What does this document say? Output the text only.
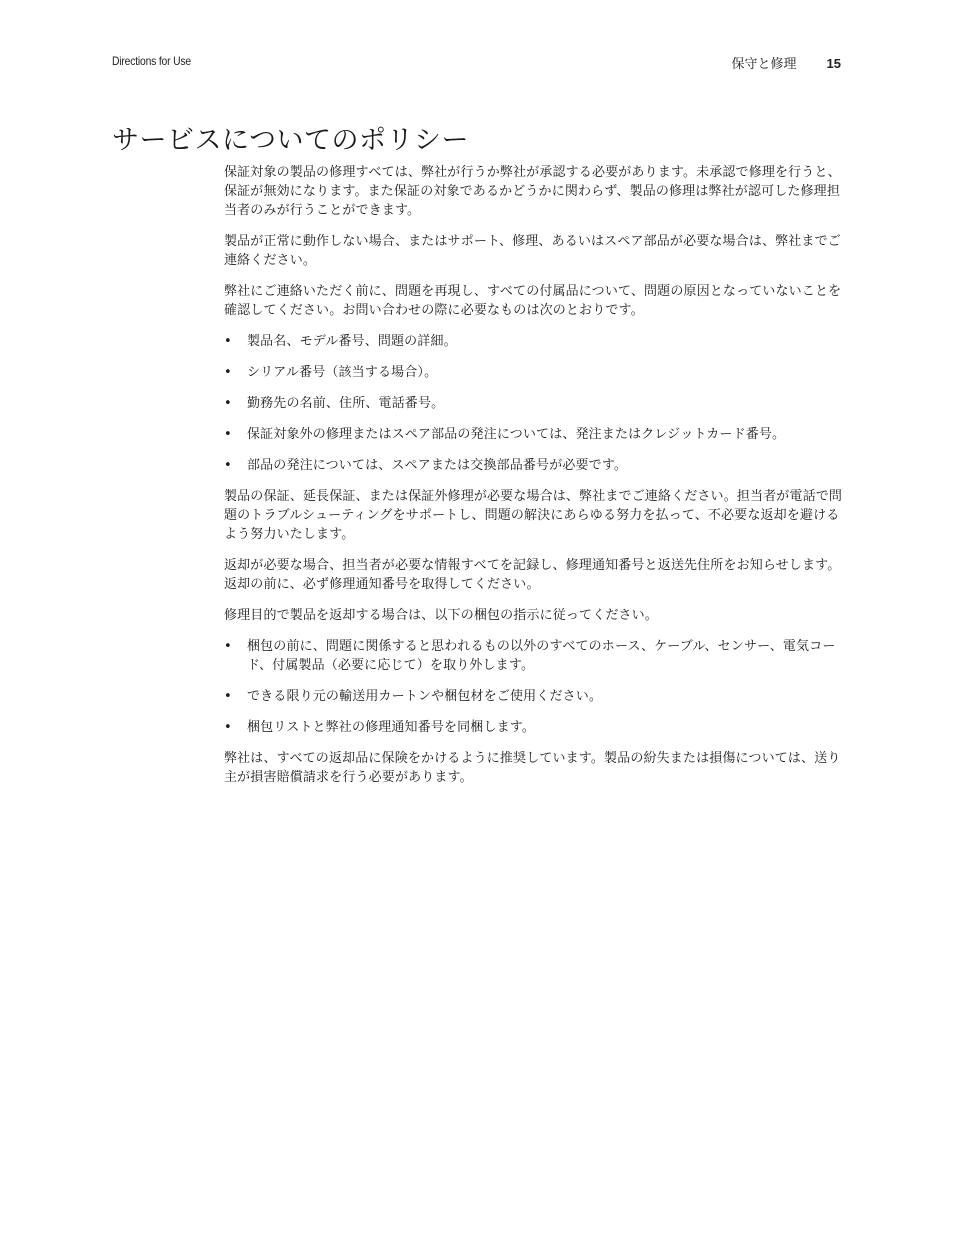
Directions for Use	保守と修理 15
サービスについてのポリシー

保証対象の製品の修理すべては、弊社が行うか弊社が承認する必要があります。未承認で修理を行うと、保証が無効になります。また保証の対象であるかどうかに関わらず、製品の修理は弊社が認可した修理担当者のみが行うことができます。

製品が正常に動作しない場合、またはサポート、修理、あるいはスペア部品が必要な場合は、弊社までご連絡ください。

弊社にご連絡いただく前に、問題を再現し、すべての付属品について、問題の原因となっていないことを確認してください。お問い合わせの際に必要なものは次のとおりです。

• 製品名、モデル番号、問題の詳細。
• シリアル番号（該当する場合）。
• 勤務先の名前、住所、電話番号。
• 保証対象外の修理またはスペア部品の発注については、発注またはクレジットカード番号。
• 部品の発注については、スペアまたは交換部品番号が必要です。

製品の保証、延長保証、または保証外修理が必要な場合は、弊社までご連絡ください。担当者が電話で問題のトラブルシューティングをサポートし、問題の解決にあらゆる努力を払って、不必要な返却を避けるよう努力いたします。

返却が必要な場合、担当者が必要な情報すべてを記録し、修理通知番号と返送先住所をお知らせします。返却の前に、必ず修理通知番号を取得してください。

修理目的で製品を返却する場合は、以下の梱包の指示に従ってください。

• 梱包の前に、問題に関係すると思われるもの以外のすべてのホース、ケーブル、センサー、電気コード、付属製品（必要に応じて）を取り外します。
• できる限り元の輸送用カートンや梱包材をご使用ください。
• 梱包リストと弊社の修理通知番号を同梱します。

弊社は、すべての返却品に保険をかけるように推奨しています。製品の紛失または損傷については、送り主が損害賠償請求を行う必要があります。
